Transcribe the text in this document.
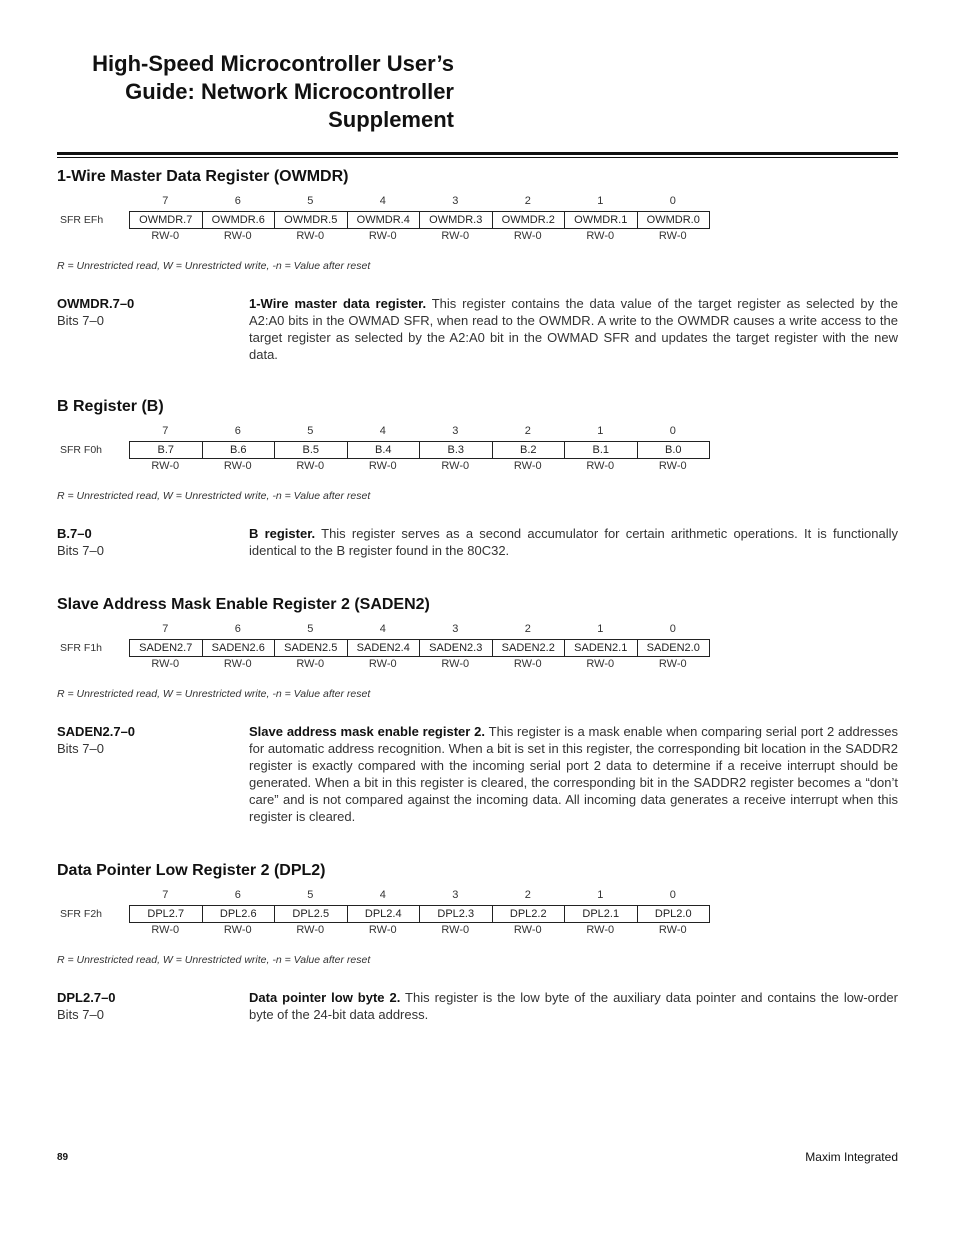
High-Speed Microcontroller User’s
Guide: Network Microcontroller
Supplement
1-Wire Master Data Register (OWMDR)
7	6	5	4	3	2	1	0
SFR EFh	OWMDR.7	OWMDR.6	OWMDR.5	OWMDR.4	OWMDR.3	OWMDR.2	OWMDR.1	OWMDR.0
RW-0	RW-0	RW-0	RW-0	RW-0	RW-0	RW-0	RW-0
R = Unrestricted read, W = Unrestricted write, -n = Value after reset
OWMDR.7–0
Bits 7–0
1-Wire master data register. This register contains the data value of the target register as selected by the A2:A0 bits in the OWMAD SFR, when read to the OWMDR. A write to the OWMDR causes a write access to the target register as selected by the A2:A0 bit in the OWMAD SFR and updates the target register with the new data.
B Register (B)
7	6	5	4	3	2	1	0
SFR F0h	B.7	B.6	B.5	B.4	B.3	B.2	B.1	B.0
RW-0	RW-0	RW-0	RW-0	RW-0	RW-0	RW-0	RW-0
R = Unrestricted read, W = Unrestricted write, -n = Value after reset
B.7–0
Bits 7–0
B register. This register serves as a second accumulator for certain arithmetic operations. It is functionally identical to the B register found in the 80C32.
Slave Address Mask Enable Register 2 (SADEN2)
7	6	5	4	3	2	1	0
SFR F1h	SADEN2.7	SADEN2.6	SADEN2.5	SADEN2.4	SADEN2.3	SADEN2.2	SADEN2.1	SADEN2.0
RW-0	RW-0	RW-0	RW-0	RW-0	RW-0	RW-0	RW-0
R = Unrestricted read, W = Unrestricted write, -n = Value after reset
SADEN2.7–0
Bits 7–0
Slave address mask enable register 2. This register is a mask enable when comparing serial port 2 addresses for automatic address recognition. When a bit is set in this register, the corresponding bit location in the SADDR2 register is exactly compared with the incoming serial port 2 data to determine if a receive interrupt should be generated. When a bit in this register is cleared, the corresponding bit in the SADDR2 register becomes a “don’t care” and is not compared against the incoming data. All incoming data generates a receive interrupt when this register is cleared.
Data Pointer Low Register 2 (DPL2)
7	6	5	4	3	2	1	0
SFR F2h	DPL2.7	DPL2.6	DPL2.5	DPL2.4	DPL2.3	DPL2.2	DPL2.1	DPL2.0
RW-0	RW-0	RW-0	RW-0	RW-0	RW-0	RW-0	RW-0
R = Unrestricted read, W = Unrestricted write, -n = Value after reset
DPL2.7–0
Bits 7–0
Data pointer low byte 2. This register is the low byte of the auxiliary data pointer and contains the low-order byte of the 24-bit data address.
89	Maxim Integrated
